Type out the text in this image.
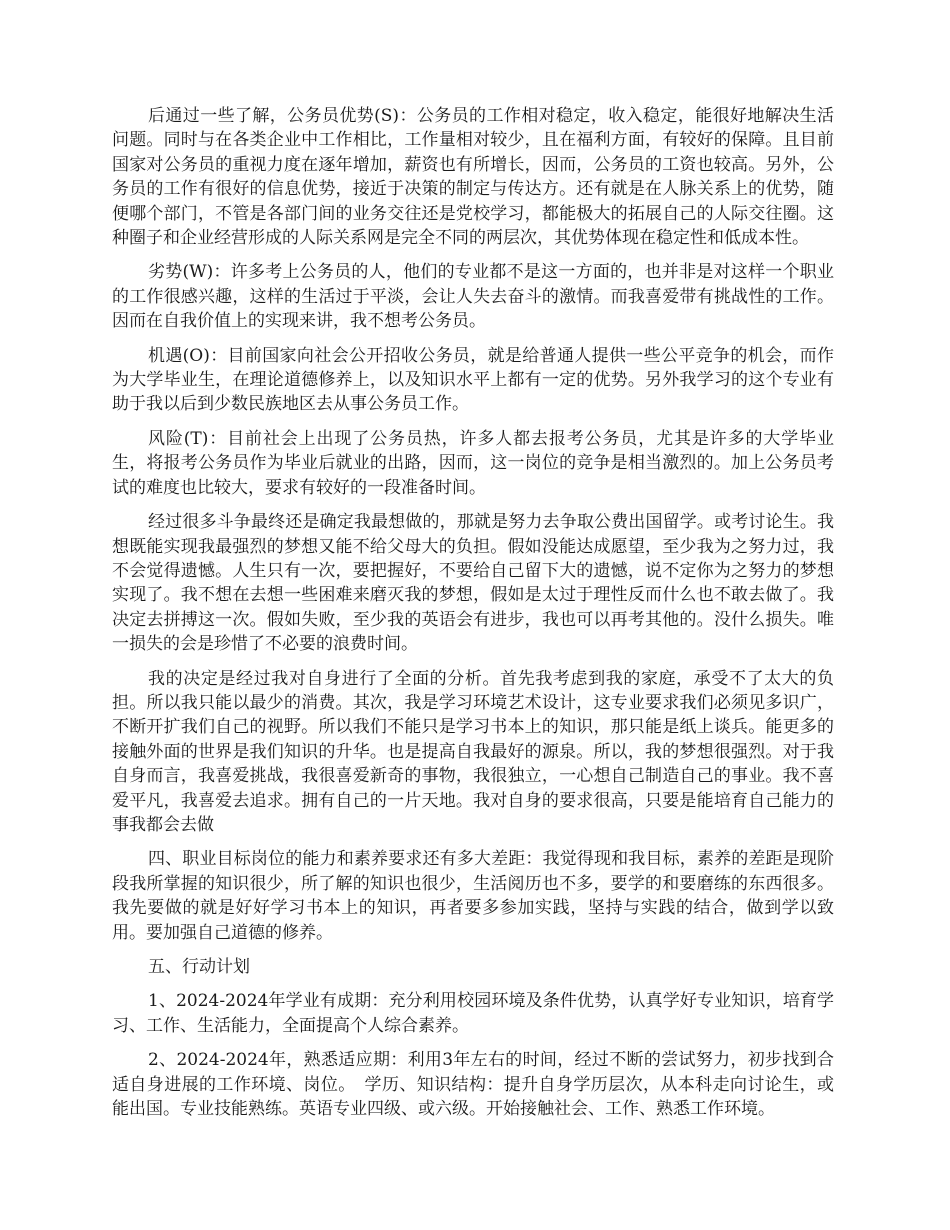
后通过一些了解，公务员优势(S)：公务员的工作相对稳定，收入稳定，能很好地解决生活问题。同时与在各类企业中工作相比，工作量相对较少，且在福利方面，有较好的保障。且目前国家对公务员的重视力度在逐年增加，薪资也有所增长，因而，公务员的工资也较高。另外，公务员的工作有很好的信息优势，接近于决策的制定与传达方。还有就是在人脉关系上的优势，随便哪个部门，不管是各部门间的业务交往还是党校学习，都能极大的拓展自己的人际交往圈。这种圈子和企业经营形成的人际关系网是完全不同的两层次，其优势体现在稳定性和低成本性。

劣势(W)：许多考上公务员的人，他们的专业都不是这一方面的，也并非是对这样一个职业的工作很感兴趣，这样的生活过于平淡，会让人失去奋斗的激情。而我喜爱带有挑战性的工作。因而在自我价值上的实现来讲，我不想考公务员。

机遇(O)：目前国家向社会公开招收公务员，就是给普通人提供一些公平竞争的机会，而作为大学毕业生，在理论道德修养上，以及知识水平上都有一定的优势。另外我学习的这个专业有助于我以后到少数民族地区去从事公务员工作。

风险(T)：目前社会上出现了公务员热，许多人都去报考公务员，尤其是许多的大学毕业生，将报考公务员作为毕业后就业的出路，因而，这一岗位的竞争是相当激烈的。加上公务员考试的难度也比较大，要求有较好的一段准备时间。

经过很多斗争最终还是确定我最想做的，那就是努力去争取公费出国留学。或考讨论生。我想既能实现我最强烈的梦想又能不给父母大的负担。假如没能达成愿望，至少我为之努力过，我不会觉得遗憾。人生只有一次，要把握好，不要给自己留下大的遗憾，说不定你为之努力的梦想实现了。我不想在去想一些困难来磨灭我的梦想，假如是太过于理性反而什么也不敢去做了。我决定去拼搏这一次。假如失败，至少我的英语会有进步，我也可以再考其他的。没什么损失。唯一损失的会是珍惜了不必要的浪费时间。

我的决定是经过我对自身进行了全面的分析。首先我考虑到我的家庭，承受不了太大的负担。所以我只能以最少的消费。其次，我是学习环境艺术设计，这专业要求我们必须见多识广，不断开扩我们自己的视野。所以我们不能只是学习书本上的知识，那只能是纸上谈兵。能更多的接触外面的世界是我们知识的升华。也是提高自我最好的源泉。所以，我的梦想很强烈。对于我自身而言，我喜爱挑战，我很喜爱新奇的事物，我很独立，一心想自己制造自己的事业。我不喜爱平凡，我喜爱去追求。拥有自己的一片天地。我对自身的要求很高，只要是能培育自己能力的事我都会去做

四、职业目标岗位的能力和素养要求还有多大差距：我觉得现和我目标，素养的差距是现阶段我所掌握的知识很少，所了解的知识也很少，生活阅历也不多，要学的和要磨练的东西很多。我先要做的就是好好学习书本上的知识，再者要多参加实践，坚持与实践的结合，做到学以致用。要加强自己道德的修养。

五、行动计划

1、2024-2024年学业有成期：充分利用校园环境及条件优势，认真学好专业知识，培育学习、工作、生活能力，全面提高个人综合素养。

2、2024-2024年，熟悉适应期：利用3年左右的时间，经过不断的尝试努力，初步找到合适自身进展的工作环境、岗位。　学历、知识结构：提升自身学历层次，从本科走向讨论生，或能出国。专业技能熟练。英语专业四级、或六级。开始接触社会、工作、熟悉工作环境。
